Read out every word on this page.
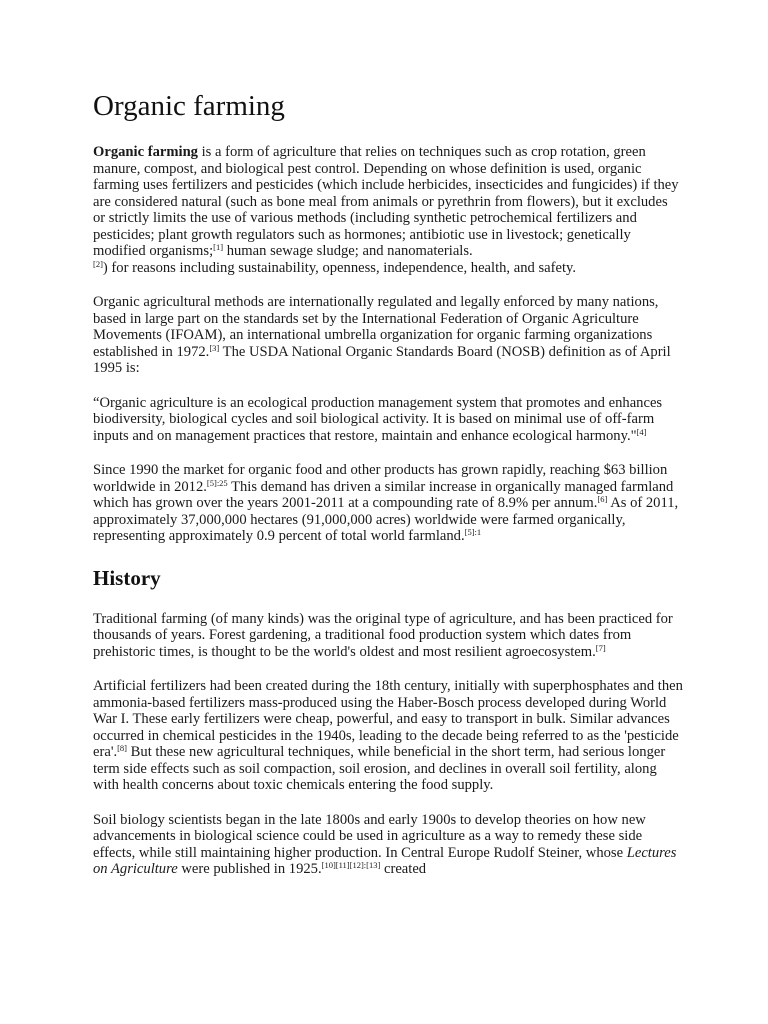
Organic farming

Organic farming is a form of agriculture that relies on techniques such as crop rotation, green manure, compost, and biological pest control. Depending on whose definition is used, organic farming uses fertilizers and pesticides (which include herbicides, insecticides and fungicides) if they are considered natural (such as bone meal from animals or pyrethrin from flowers), but it excludes or strictly limits the use of various methods (including synthetic petrochemical fertilizers and pesticides; plant growth regulators such as hormones; antibiotic use in livestock; genetically modified organisms;[1] human sewage sludge; and nanomaterials.
[2]) for reasons including sustainability, openness, independence, health, and safety.

Organic agricultural methods are internationally regulated and legally enforced by many nations, based in large part on the standards set by the International Federation of Organic Agriculture Movements (IFOAM), an international umbrella organization for organic farming organizations established in 1972.[3] The USDA National Organic Standards Board (NOSB) definition as of April 1995 is:

“Organic agriculture is an ecological production management system that promotes and enhances biodiversity, biological cycles and soil biological activity. It is based on minimal use of off-farm inputs and on management practices that restore, maintain and enhance ecological harmony."[4]

Since 1990 the market for organic food and other products has grown rapidly, reaching $63 billion worldwide in 2012.$^{[5]:25}$ This demand has driven a similar increase in organically managed farmland which has grown over the years 2001-2011 at a compounding rate of 8.9% per annum.[6] As of 2011, approximately 37,000,000 hectares (91,000,000 acres) worldwide were farmed organically, representing approximately 0.9 percent of total world farmland.$^{[5]:1}$

History

Traditional farming (of many kinds) was the original type of agriculture, and has been practiced for thousands of years. Forest gardening, a traditional food production system which dates from prehistoric times, is thought to be the world's oldest and most resilient agroecosystem.[7]

Artificial fertilizers had been created during the 18th century, initially with superphosphates and then ammonia-based fertilizers mass-produced using the Haber-Bosch process developed during World War I. These early fertilizers were cheap, powerful, and easy to transport in bulk. Similar advances occurred in chemical pesticides in the 1940s, leading to the decade being referred to as the 'pesticide era'.[8] But these new agricultural techniques, while beneficial in the short term, had serious longer term side effects such as soil compaction, soil erosion, and declines in overall soil fertility, along with health concerns about toxic chemicals entering the food supply.

Soil biology scientists began in the late 1800s and early 1900s to develop theories on how new advancements in biological science could be used in agriculture as a way to remedy these side effects, while still maintaining higher production. In Central Europe Rudolf Steiner, whose Lectures on Agriculture were published in 1925.[10][11][12]:[13] created
